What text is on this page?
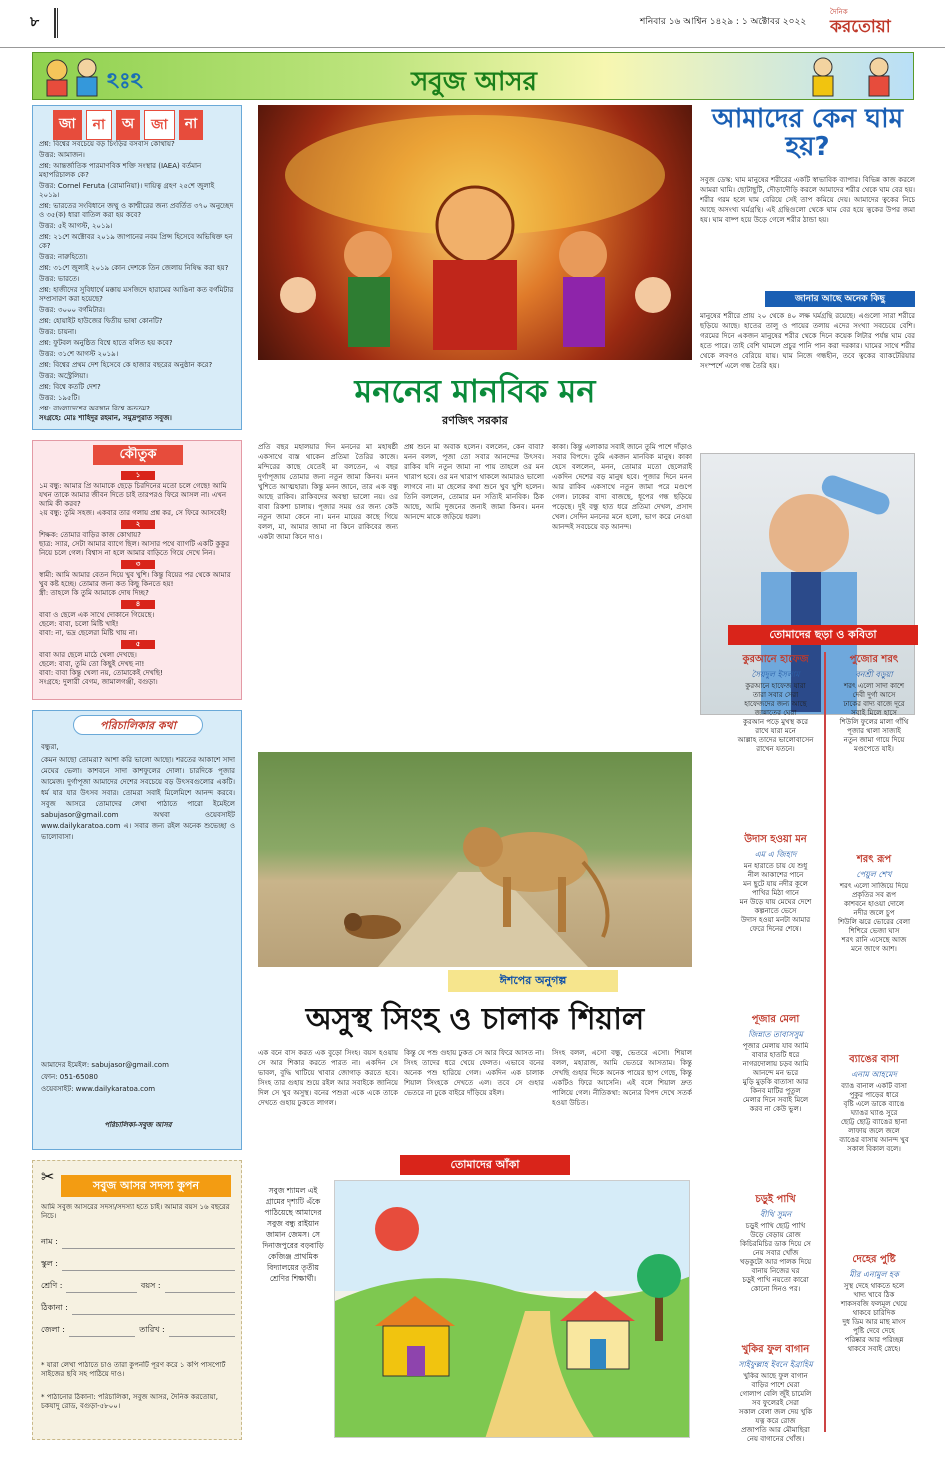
৮	শনিবার ১৬ আশ্বিন ১৪২৯ : ১ অক্টোবর ২০২২
দৈনিক
করতোয়া
ঽঃঽ	সবুজ আসর
জা	না	অ	জা	না

প্রশ্ন: বিশ্বের সবচেয়ে বড় চিংড়ির বসবাস কোথায়?

উত্তর: আমাজন।

প্রশ্ন: আন্তর্জাতিক পারমাণবিক শক্তি সংস্থার (IAEA) বর্তমান মহাপরিচালক কে?

উত্তর: Cornel Feruta (রোমানিয়া)। দায়িত্ব গ্রহণ ২৫শে জুলাই ২০১৯।

প্রশ্ন: ভারতের সংবিধানে জম্মু ও কাশ্মীরের জন্য প্রবর্তিত ৩৭০ অনুচ্ছেদ ও ৩৫(ক) ধারা বাতিল করা হয় কবে?

উত্তর: ৫ই আগস্ট, ২০১৯।

প্রশ্ন: ২১শে অক্টোবর ২০১৯ জাপানের নবম প্রিন্স হিসেবে অভিষিক্ত হন কে?

উত্তর: নারুহিতো।

প্রশ্ন: ৩১শে জুলাই ২০১৯ কোন দেশকে তিন জেলায় নিষিদ্ধ করা হয়?

উত্তর: ভারতে।

প্রশ্ন: হাজীদের সুবিধার্থে মক্কায় মসজিদে হারামের আঙিনা কত বর্গমিটার সম্প্রসারণ করা হয়েছে?

উত্তর: ৩০০০ বর্গমিটার।

প্রশ্ন: হোয়াইট হাউজের দ্বিতীয় ভাষা কোনটি?

উত্তর: চায়না।

প্রশ্ন: ফুটবল অনুষ্ঠিত বিশ্বে হাতে বলিত হয় কবে?

উত্তর: ৩১শে আগস্ট ২০১৯।

প্রশ্ন: বিশ্বের প্রথম দেশ হিসেবে কে হাজার বছরের অনুষ্ঠান করে?

উত্তর: অস্ট্রেলিয়া।

প্রশ্ন: বিশ্বে কতটি দেশ?

উত্তর: ১৯৫টি।

প্রশ্ন: বাংলাদেশের অবস্থান বিশ্বে কততম?

সংগ্রহে: মোঃ শাহিদুর রহমান, সমুদ্রপুরাত সবুজ।
কৌতুক
১

১ম বন্ধু: আমার প্রি আমাকে ছেড়ে চিরদিনের মতো চলে গেছে! আমি যখন তাকে আমার জীবন দিতে চাই তারপরও ফিরে আসল না। এখন আমি কী করব?
২য় বন্ধু: তুমি সহজ। একবার তার গলায় প্রশ্ন কর, সে ফিরে আসবেই!

২

শিক্ষক: তোমার বাড়ির কাজ কোথায়?
ছাত্র: স্যার, সেটা আমার ব্যাগে ছিল। আসার পথে ব্যাগটি একটি কুকুর নিয়ে চলে গেল। বিশ্বাস না হলে আমার বাড়িতে গিয়ে দেখে নিন।

৩

স্বামী: আমি আমার বেতন দিয়ে খুব খুশি। কিন্তু বিয়ের পর থেকে আমার খুব কষ্ট হচ্ছে। তোমার জন্য কত কিছু কিনতে হয়!
স্ত্রী: তাহলে কি তুমি আমাকে দোষ দিচ্ছ?

৪

বাবা ও ছেলে এক সাথে দোকানে গিয়েছে।
ছেলে: বাবা, চলো মিষ্টি খাই!
বাবা: না, ভদ্র ছেলেরা মিষ্টি খায় না।

৫

বাবা আর ছেলে মাঠে খেলা দেখছে।
ছেলে: বাবা, তুমি তো কিছুই দেখছ না!
বাবা: বাবা কিন্তু খেলা নয়, তোমাকেই দেখছি!
সংগ্রহে: দুলারী বেগম, জামালগঞ্জী, বগুড়া।

পরিচালিকার কথা
বন্ধুরা,
কেমন আছো তোমরা? আশা করি ভালো আছো। শরতের আকাশে সাদা মেঘের ভেলা। কাশবনে সাদা কাশফুলের দোলা। চারদিকে পূজার আমেজ। দুর্গাপূজা আমাদের দেশের সবচেয়ে বড় উৎসবগুলোর একটি। ধর্ম যার যার উৎসব সবার। তোমরা সবাই মিলেমিশে আনন্দ করবে। সবুজ আসরে তোমাদের লেখা পাঠাতে পারো ইমেইলে sabujasor@gmail.com অথবা ওয়েবসাইট www.dailykaratoa.com এ। সবার জন্য রইল অনেক শুভেচ্ছা ও ভালোবাসা।
আমাদের ইমেইল: sabujasor@gmail.com
ফোন: 051-65080
ওয়েবসাইট: www.dailykaratoa.com
পরিচালিকা-সবুজ আসর
✂	সবুজ আসর সদস্য কুপন
আমি সবুজ আসরের সদস্য/সদস্যা হতে চাই। আমার বয়স ১৬ বছরের নিচে।
নাম :
স্কুল :
শ্রেণি :	বয়স :
ঠিকানা :
জেলা :	তারিখ :
* যারা লেখা পাঠাতে চাও তারা কুপনটি পূরণ করে ১ কপি পাসপোর্ট সাইজের ছবি সহ পাঠিয়ে দাও।
* পাঠানোর ঠিকানা: পরিচালিকা, সবুজ আসর, দৈনিক করতোয়া, চকযাদু রোড, বগুড়া-৫৮০০।
মননের মানবিক মন
রণজিৎ সরকার
প্রতি বছর মহালয়ার দিন মননের মা মহাষষ্ঠী একসাথে ব্যস্ত থাকেন প্রতিমা তৈরির কাজে। মন্দিরের কাছে যেতেই মা বলতেন, এ বছর দুর্গাপূজায় তোমার জন্য নতুন জামা কিনব। মনন খুশিতে আত্মহারা। কিন্তু মনন জানে, তার এক বন্ধু আছে রাকিব। রাকিবদের অবস্থা ভালো নয়। ওর বাবা রিকশা চালায়। পূজার সময় ওর জন্য কেউ নতুন জামা কেনে না। মনন মায়ের কাছে গিয়ে বলল, মা, আমার জামা না কিনে রাকিবের জন্য একটা জামা কিনে দাও।
প্রশ্ন শুনে মা অবাক হলেন। বললেন, কেন বাবা? মনন বলল, পূজা তো সবার আনন্দের উৎসব। রাকিব যদি নতুন জামা না পায় তাহলে ওর মন খারাপ হবে। ওর মন খারাপ থাকলে আমারও ভালো লাগবে না। মা ছেলের কথা শুনে খুব খুশি হলেন। তিনি বললেন, তোমার মন সত্যিই মানবিক। ঠিক আছে, আমি দুজনের জন্যই জামা কিনব। মনন আনন্দে মাকে জড়িয়ে ধরল।
কাকা। কিন্তু এলাকার সবাই জানে তুমি পাশে দাঁড়াও সবার বিপদে। তুমি একজন মানবিক মানুষ। কাকা হেসে বললেন, মনন, তোমার মতো ছেলেরাই একদিন দেশের বড় মানুষ হবে। পূজার দিনে মনন আর রাকিব একসাথে নতুন জামা পরে মণ্ডপে গেল। ঢাকের বাদ্য বাজছে, ধূপের গন্ধ ছড়িয়ে পড়েছে। দুই বন্ধু হাত ধরে প্রতিমা দেখল, প্রসাদ খেল। সেদিন মননের মনে হলো, ভাগ করে নেওয়া আনন্দই সবচেয়ে বড় আনন্দ।
ঈশপের অনুগল্প
অসুস্থ সিংহ ও চালাক শিয়াল
এক বনে বাস করত এক বুড়ো সিংহ। বয়স হওয়ায় সে আর শিকার করতে পারত না। একদিন সে ভাবল, বুদ্ধি খাটিয়ে খাবার জোগাড় করতে হবে। সিংহ তার গুহায় শুয়ে রইল আর সবাইকে জানিয়ে দিল সে খুব অসুস্থ। বনের পশুরা একে একে তাকে দেখতে গুহায় ঢুকতে লাগল।
কিন্তু যে পশু গুহায় ঢুকত সে আর ফিরে আসত না। সিংহ তাদের ধরে খেয়ে ফেলত। এভাবে বনের অনেক পশু হারিয়ে গেল। একদিন এক চালাক শিয়াল সিংহকে দেখতে এল। তবে সে গুহার ভেতরে না ঢুকে বাইরে দাঁড়িয়ে রইল।
সিংহ বলল, এসো বন্ধু, ভেতরে এসো। শিয়াল বলল, মহারাজ, আমি ভেতরে আসতাম। কিন্তু দেখছি গুহার দিকে অনেক পায়ের ছাপ গেছে, কিন্তু একটিও ফিরে আসেনি। এই বলে শিয়াল দ্রুত পালিয়ে গেল। নীতিকথা: অন্যের বিপদ দেখে সতর্ক হওয়া উচিত।
তোমাদের আঁকা
সবুজ শ্যামল এই গ্রামের দৃশ্যটি এঁকে পাঠিয়েছে আমাদের সবুজ বন্ধু রাইয়ান জামান জেমস। সে দিনাজপুরের বড়বাড়ি কেজিঞ্জ প্রাথমিক বিদ্যালয়ের তৃতীয় শ্রেণির শিক্ষার্থী।
আমাদের কেন ঘাম হয়?
সবুজ ডেস্ক: ঘাম মানুষের শরীরের একটি স্বাভাবিক ব্যাপার। বিভিন্ন কাজ করলে আমরা ঘামি। ছোটাছুটি, দৌড়াদৌড়ি করলে আমাদের শরীর থেকে ঘাম বের হয়। শরীর গরম হলে ঘাম বেরিয়ে সেই তাপ কমিয়ে দেয়। আমাদের ত্বকের নিচে আছে অসংখ্য ঘর্মগ্রন্থি। এই গ্রন্থিগুলো থেকে ঘাম বের হয়ে ত্বকের উপর জমা হয়। ঘাম বাষ্প হয়ে উড়ে গেলে শরীর ঠান্ডা হয়।
জানার আছে অনেক কিছু
মানুষের শরীরে প্রায় ২০ থেকে ৪০ লক্ষ ঘর্মগ্রন্থি রয়েছে। এগুলো সারা শরীরে ছড়িয়ে আছে। হাতের তালু ও পায়ের তলায় এদের সংখ্যা সবচেয়ে বেশি। গরমের দিনে একজন মানুষের শরীর থেকে দিনে কয়েক লিটার পর্যন্ত ঘাম বের হতে পারে। তাই বেশি ঘামলে প্রচুর পানি পান করা দরকার। ঘামের সাথে শরীর থেকে লবণও বেরিয়ে যায়। ঘাম নিজে গন্ধহীন, তবে ত্বকের ব্যাকটেরিয়ার সংস্পর্শে এলে গন্ধ তৈরি হয়।
তোমাদের ছড়া ও কবিতা
কুরআনে হাফেজ
সৈয়দুল ইসলাম
কুরআনে হাফেজ যারা
তারা সবার সেরা
হাফেজদের জন্য আছে
জান্নাতের ঘেরা
কুরআন পড়ে মুখস্থ করে
রাখে যারা মনে
আল্লাহ তাদের ভালোবাসেন
রাখেন যতনে।
উদাস হওয়া মন
এম এ জিহাদ
মন হারাতে চায় যে শুধু
নীল আকাশের পানে
মন ছুটে যায় নদীর কূলে
পাখির মিঠা গানে
মন উড়ে যায় মেঘের দেশে
কল্পনাতে ভেসে
উদাস হওয়া মনটা আমার
ফেরে দিনের শেষে।
পূজার মেলা
জিন্নাত তাবাসসুম
পূজার মেলায় যাব আমি
বাবার হাতটি ধরে
নাগরদোলায় চড়ব আমি
আনন্দে মন ভরে
মুড়ি মুড়কি বাতাসা আর
কিনব মাটির পুতুল
মেলার দিনে সবাই মিলে
করব না কেউ ভুল।
চড়ুই পাখি
বীথি সুমন
চড়ুই পাখি ছোট্ট পাখি
উড়ে বেড়ায় রোজ
কিচিরমিচির ডাক দিয়ে সে
নেয় সবার খোঁজ
খড়কুটো আর পালক দিয়ে
বানায় নিজের ঘর
চড়ুই পাখি নয়তো কারো
কোনো দিনও পর।
খুকির ফুল বাগান
সাইফুল্লাহ ইবনে ইব্রাহিম
খুকির আছে ফুল বাগান
বাড়ির পাশে ঘেরা
গোলাপ বেলি জুঁই চামেলি
সব ফুলেরই সেরা
সকাল বেলা জল দেয় খুকি
যত্ন করে রোজ
প্রজাপতি আর মৌমাছিরা
নেয় বাগানের খোঁজ।
পুজোর শরৎ
বনশ্রী বড়ুয়া
শরৎ এলো সাদা কাশে
দেবী দুর্গা আসে
ঢাকের বাদ্য বাজে দূরে
সবাই মিলে হাসে
শিউলি ফুলের মালা গাঁথি
পূজার থালা সাজাই
নতুন জামা গায়ে দিয়ে
মণ্ডপেতে যাই।
শরৎ রূপ
পেয়ুল শেখ
শরৎ এলো সাজিয়ে দিয়ে
প্রকৃতির সব রূপ
কাশবনে হাওয়া দোলে
নদীর জলে চুপ
শিউলি ঝরে ভোরের বেলা
শিশিরে ভেজা ঘাস
শরৎ রানি এসেছে আজ
মনে জাগে আশ।
ব্যাঙের বাসা
এনাম আহমেদ
ব্যাঙ বানাল একটি বাসা
পুকুর পাড়ের ধারে
বৃষ্টি এলে ডাকে ব্যাঙে
ঘ্যাঙর ঘ্যাঙ সুরে
ছোট্ট ছোট্ট ব্যাঙের ছানা
লাফায় জলে জলে
ব্যাঙের বাসায় আনন্দ খুব
সকাল বিকাল বলে।
দেহের পুষ্টি
মীর এনামুল হক
সুস্থ দেহে থাকতে হলে
খাদ্য খাবে ঠিক
শাকসবজি ফলমূল খেয়ে
থাকবে চারিদিক
দুধ ডিম আর মাছ মাংস
পুষ্টি দেবে দেহে
পরিষ্কার আর পরিচ্ছন্ন
থাকবে সবাই স্নেহে।
